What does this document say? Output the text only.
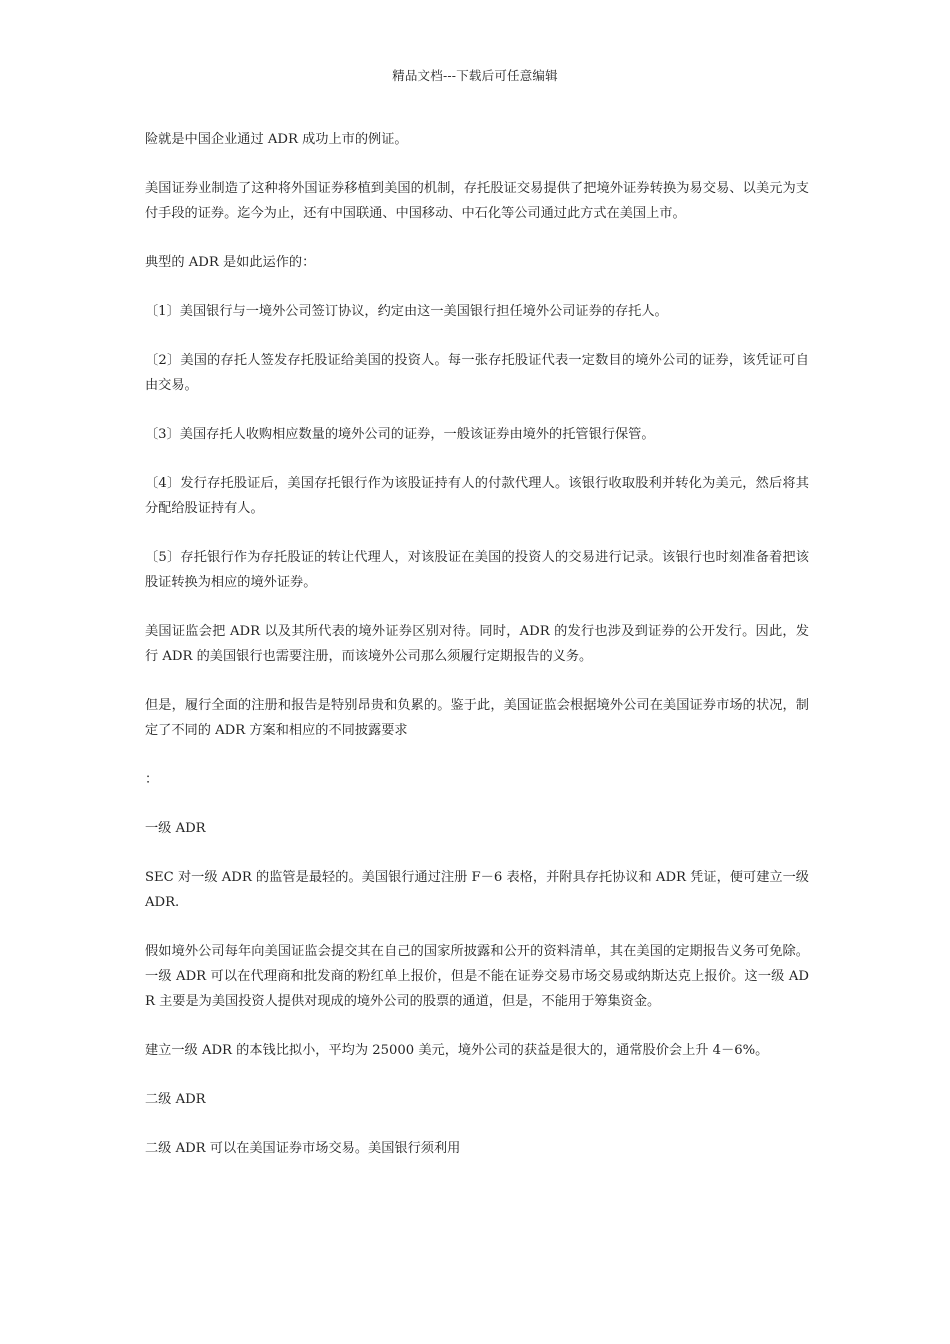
精品文档---下载后可任意编辑

险就是中国企业通过 ADR 成功上市的例证。

美国证券业制造了这种将外国证券移植到美国的机制，存托股证交易提供了把境外证券转换为易交易、以美元为支付手段的证券。迄今为止，还有中国联通、中国移动、中石化等公司通过此方式在美国上市。

典型的 ADR 是如此运作的：

〔1〕美国银行与一境外公司签订协议，约定由这一美国银行担任境外公司证券的存托人。

〔2〕美国的存托人签发存托股证给美国的投资人。每一张存托股证代表一定数目的境外公司的证券，该凭证可自由交易。

〔3〕美国存托人收购相应数量的境外公司的证券，一般该证券由境外的托管银行保管。

〔4〕发行存托股证后，美国存托银行作为该股证持有人的付款代理人。该银行收取股利并转化为美元，然后将其分配给股证持有人。

〔5〕存托银行作为存托股证的转让代理人，对该股证在美国的投资人的交易进行记录。该银行也时刻准备着把该股证转换为相应的境外证券。

美国证监会把 ADR 以及其所代表的境外证券区别对待。同时，ADR 的发行也涉及到证券的公开发行。因此，发行 ADR 的美国银行也需要注册，而该境外公司那么须履行定期报告的义务。

但是，履行全面的注册和报告是特别昂贵和负累的。鉴于此，美国证监会根据境外公司在美国证券市场的状况，制定了不同的 ADR 方案和相应的不同披露要求

：

一级 ADR

SEC 对一级 ADR 的监管是最轻的。美国银行通过注册 F－6 表格，并附具存托协议和 ADR 凭证，便可建立一级 ADR.

假如境外公司每年向美国证监会提交其在自己的国家所披露和公开的资料清单，其在美国的定期报告义务可免除。一级 ADR 可以在代理商和批发商的粉红单上报价，但是不能在证券交易市场交易或纳斯达克上报价。这一级 ADR 主要是为美国投资人提供对现成的境外公司的股票的通道，但是，不能用于筹集资金。

建立一级 ADR 的本钱比拟小，平均为 25000 美元，境外公司的获益是很大的，通常股价会上升 4－6%。

二级 ADR

二级 ADR 可以在美国证券市场交易。美国银行须利用
